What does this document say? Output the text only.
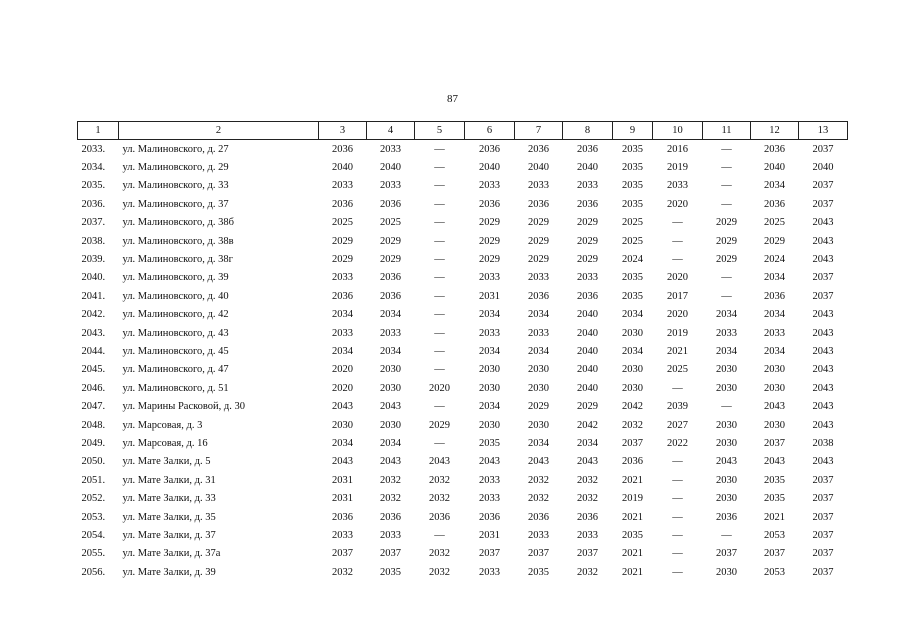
87
1	2	3	4	5	6	7	8	9	10	11	12	13
2033.	ул. Малиновского, д. 27	2036	2033	—	2036	2036	2036	2035	2016	—	2036	2037
2034.	ул. Малиновского, д. 29	2040	2040	—	2040	2040	2040	2035	2019	—	2040	2040
2035.	ул. Малиновского, д. 33	2033	2033	—	2033	2033	2033	2035	2033	—	2034	2037
2036.	ул. Малиновского, д. 37	2036	2036	—	2036	2036	2036	2035	2020	—	2036	2037
2037.	ул. Малиновского, д. 38б	2025	2025	—	2029	2029	2029	2025	—	2029	2025	2043
2038.	ул. Малиновского, д. 38в	2029	2029	—	2029	2029	2029	2025	—	2029	2029	2043
2039.	ул. Малиновского, д. 38г	2029	2029	—	2029	2029	2029	2024	—	2029	2024	2043
2040.	ул. Малиновского, д. 39	2033	2036	—	2033	2033	2033	2035	2020	—	2034	2037
2041.	ул. Малиновского, д. 40	2036	2036	—	2031	2036	2036	2035	2017	—	2036	2037
2042.	ул. Малиновского, д. 42	2034	2034	—	2034	2034	2040	2034	2020	2034	2034	2043
2043.	ул. Малиновского, д. 43	2033	2033	—	2033	2033	2040	2030	2019	2033	2033	2043
2044.	ул. Малиновского, д. 45	2034	2034	—	2034	2034	2040	2034	2021	2034	2034	2043
2045.	ул. Малиновского, д. 47	2020	2030	—	2030	2030	2040	2030	2025	2030	2030	2043
2046.	ул. Малиновского, д. 51	2020	2030	2020	2030	2030	2040	2030	—	2030	2030	2043
2047.	ул. Марины Расковой, д. 30	2043	2043	—	2034	2029	2029	2042	2039	—	2043	2043
2048.	ул. Марсовая, д. 3	2030	2030	2029	2030	2030	2042	2032	2027	2030	2030	2043
2049.	ул. Марсовая, д. 16	2034	2034	—	2035	2034	2034	2037	2022	2030	2037	2038
2050.	ул. Мате Залки, д. 5	2043	2043	2043	2043	2043	2043	2036	—	2043	2043	2043
2051.	ул. Мате Залки, д. 31	2031	2032	2032	2033	2032	2032	2021	—	2030	2035	2037
2052.	ул. Мате Залки, д. 33	2031	2032	2032	2033	2032	2032	2019	—	2030	2035	2037
2053.	ул. Мате Залки, д. 35	2036	2036	2036	2036	2036	2036	2021	—	2036	2021	2037
2054.	ул. Мате Залки, д. 37	2033	2033	—	2031	2033	2033	2035	—	—	2053	2037
2055.	ул. Мате Залки, д. 37а	2037	2037	2032	2037	2037	2037	2021	—	2037	2037	2037
2056.	ул. Мате Залки, д. 39	2032	2035	2032	2033	2035	2032	2021	—	2030	2053	2037
